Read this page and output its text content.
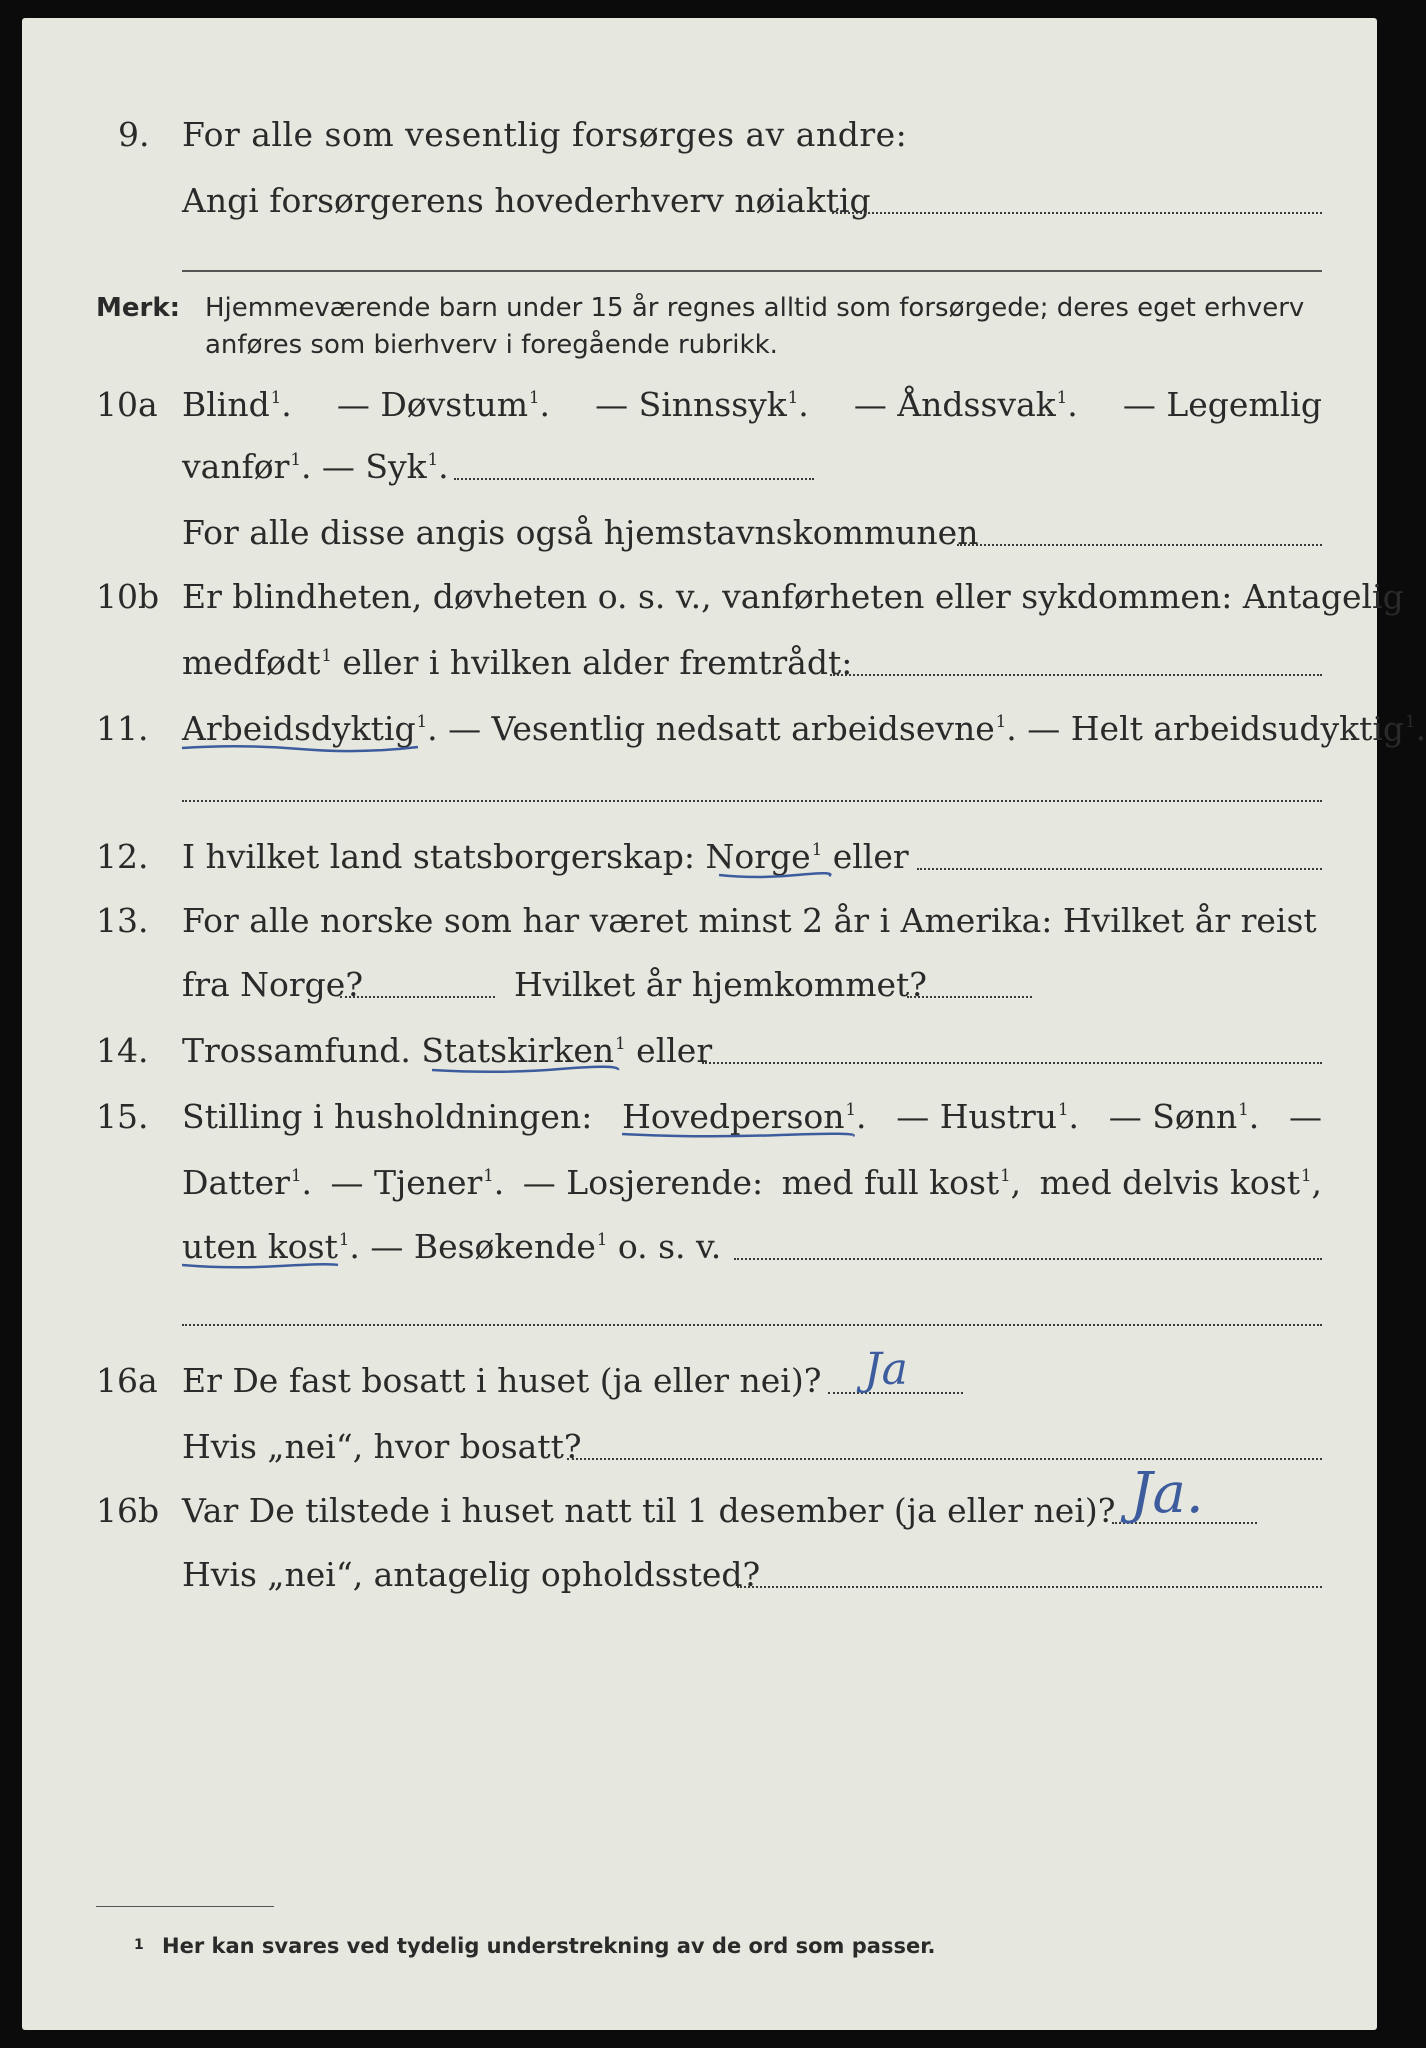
9. For alle som vesentlig forsørges av andre:
Angi forsørgerens hovederhverv nøiaktig
Merk: Hjemmeværende barn under 15 år regnes alltid som forsørgede; deres eget erhverv
anføres som bierhverv i foregående rubrikk.
10a Blind$^1$. — Døvstum$^1$. — Sinnssyk$^1$. — Åndssvak$^1$. — Legemlig
vanfør$^1$. — Syk$^1$.
For alle disse angis også hjemstavnskommunen
10b Er blindheten, døvheten o. s. v., vanførheten eller sykdommen: Antagelig
medfødt$^1$ eller i hvilken alder fremtrådt:
11. Arbeidsdyktig$^1$. — Vesentlig nedsatt arbeidsevne$^1$. — Helt arbeidsudyktig$^1$.
12. I hvilket land statsborgerskap: Norge$^1$ eller
13. For alle norske som har været minst 2 år i Amerika: Hvilket år reist
fra Norge?	Hvilket år hjemkommet?
14. Trossamfund. Statskirken$^1$ eller
15. Stilling i husholdningen: Hovedperson$^1$. — Hustru$^1$. — Sønn$^1$. —
Datter$^1$. — Tjener$^1$. — Losjerende: med full kost$^1$, med delvis kost$^1$,
uten kost$^1$. — Besøkende$^1$ o. s. v.
16a Er De fast bosatt i huset (ja eller nei)? Ja
Hvis „nei“, hvor bosatt?
16b Var De tilstede i huset natt til 1 desember (ja eller nei)? Ja.
Hvis „nei“, antagelig opholdssted?
1 Her kan svares ved tydelig understrekning av de ord som passer.
